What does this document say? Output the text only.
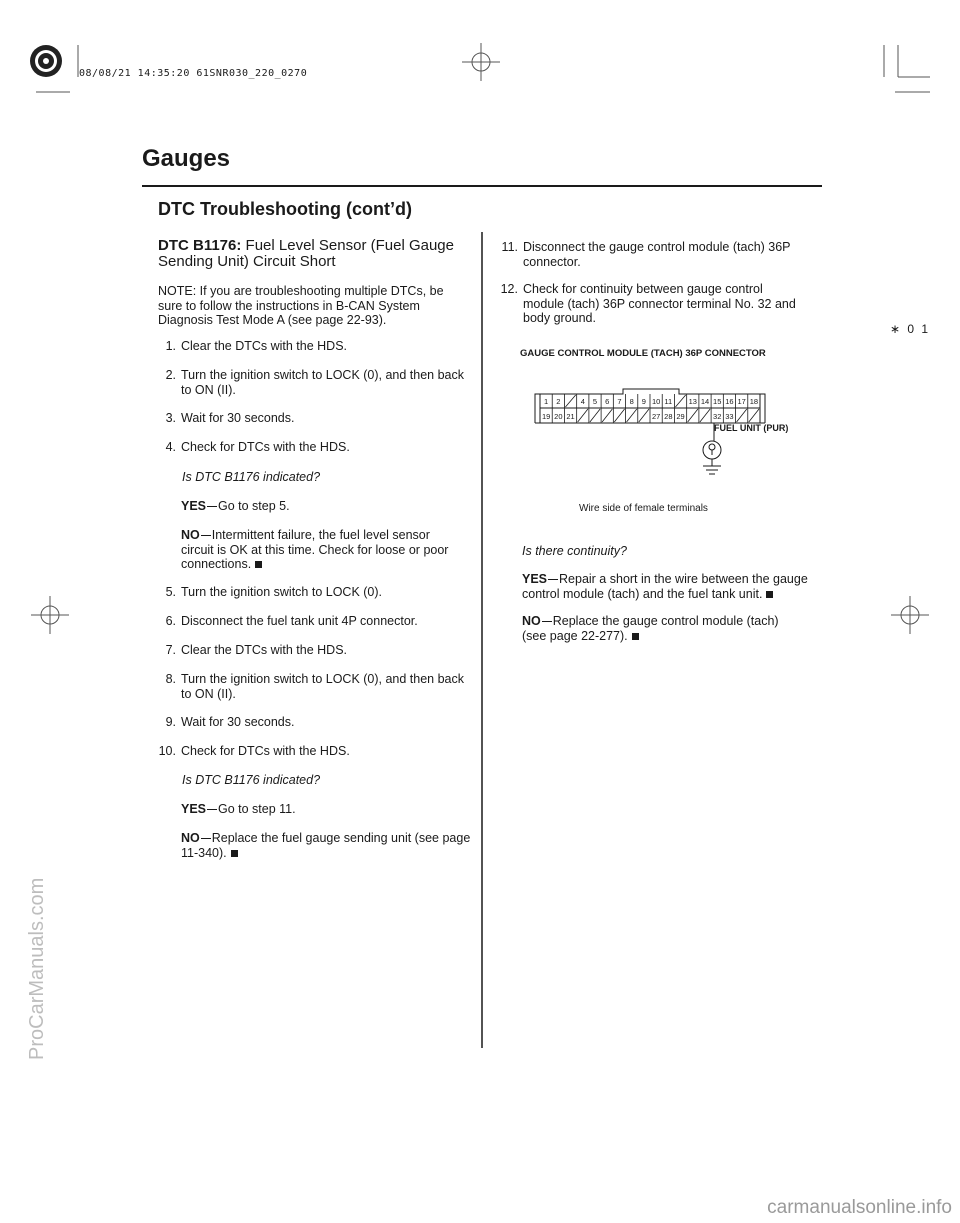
08/08/21 14:35:20 61SNR030_220_0270
Gauges
DTC Troubleshooting (cont’d)
∗ 0 1
DTC B1176: Fuel Level Sensor (Fuel Gauge
Sending Unit) Circuit Short
NOTE: If you are troubleshooting multiple DTCs, be
sure to follow the instructions in B-CAN System
Diagnosis Test Mode A (see page 22-93).
1. Clear the DTCs with the HDS.
2. Turn the ignition switch to LOCK (0), and then back
to ON (II).
3. Wait for 30 seconds.
4. Check for DTCs with the HDS.
Is DTC B1176 indicated?
YES Go to step 5.
NO Intermittent failure, the fuel level sensor
circuit is OK at this time. Check for loose or poor
connections.
5. Turn the ignition switch to LOCK (0).
6. Disconnect the fuel tank unit 4P connector.
7. Clear the DTCs with the HDS.
8. Turn the ignition switch to LOCK (0), and then back
to ON (II).
9. Wait for 30 seconds.
10. Check for DTCs with the HDS.
Is DTC B1176 indicated?
YES Go to step 11.
NO Replace the fuel gauge sending unit (see page
11-340).
11. Disconnect the gauge control module (tach) 36P
connector.
12. Check for continuity between gauge control
module (tach) 36P connector terminal No. 32 and
body ground.
GAUGE CONTROL MODULE (TACH) 36P CONNECTOR
1 2	4 5 6 7 8 9 10 11 13 14 15 16 17 18
19 20 21	27 28 29	32 33
FUEL UNIT (PUR)
Wire side of female terminals
Is there continuity?
YES Repair a short in the wire between the gauge
control module (tach) and the fuel tank unit.
NO Replace the gauge control module (tach)
(see page 22-277).
ProCarManuals.com
carmanualsonline.info
